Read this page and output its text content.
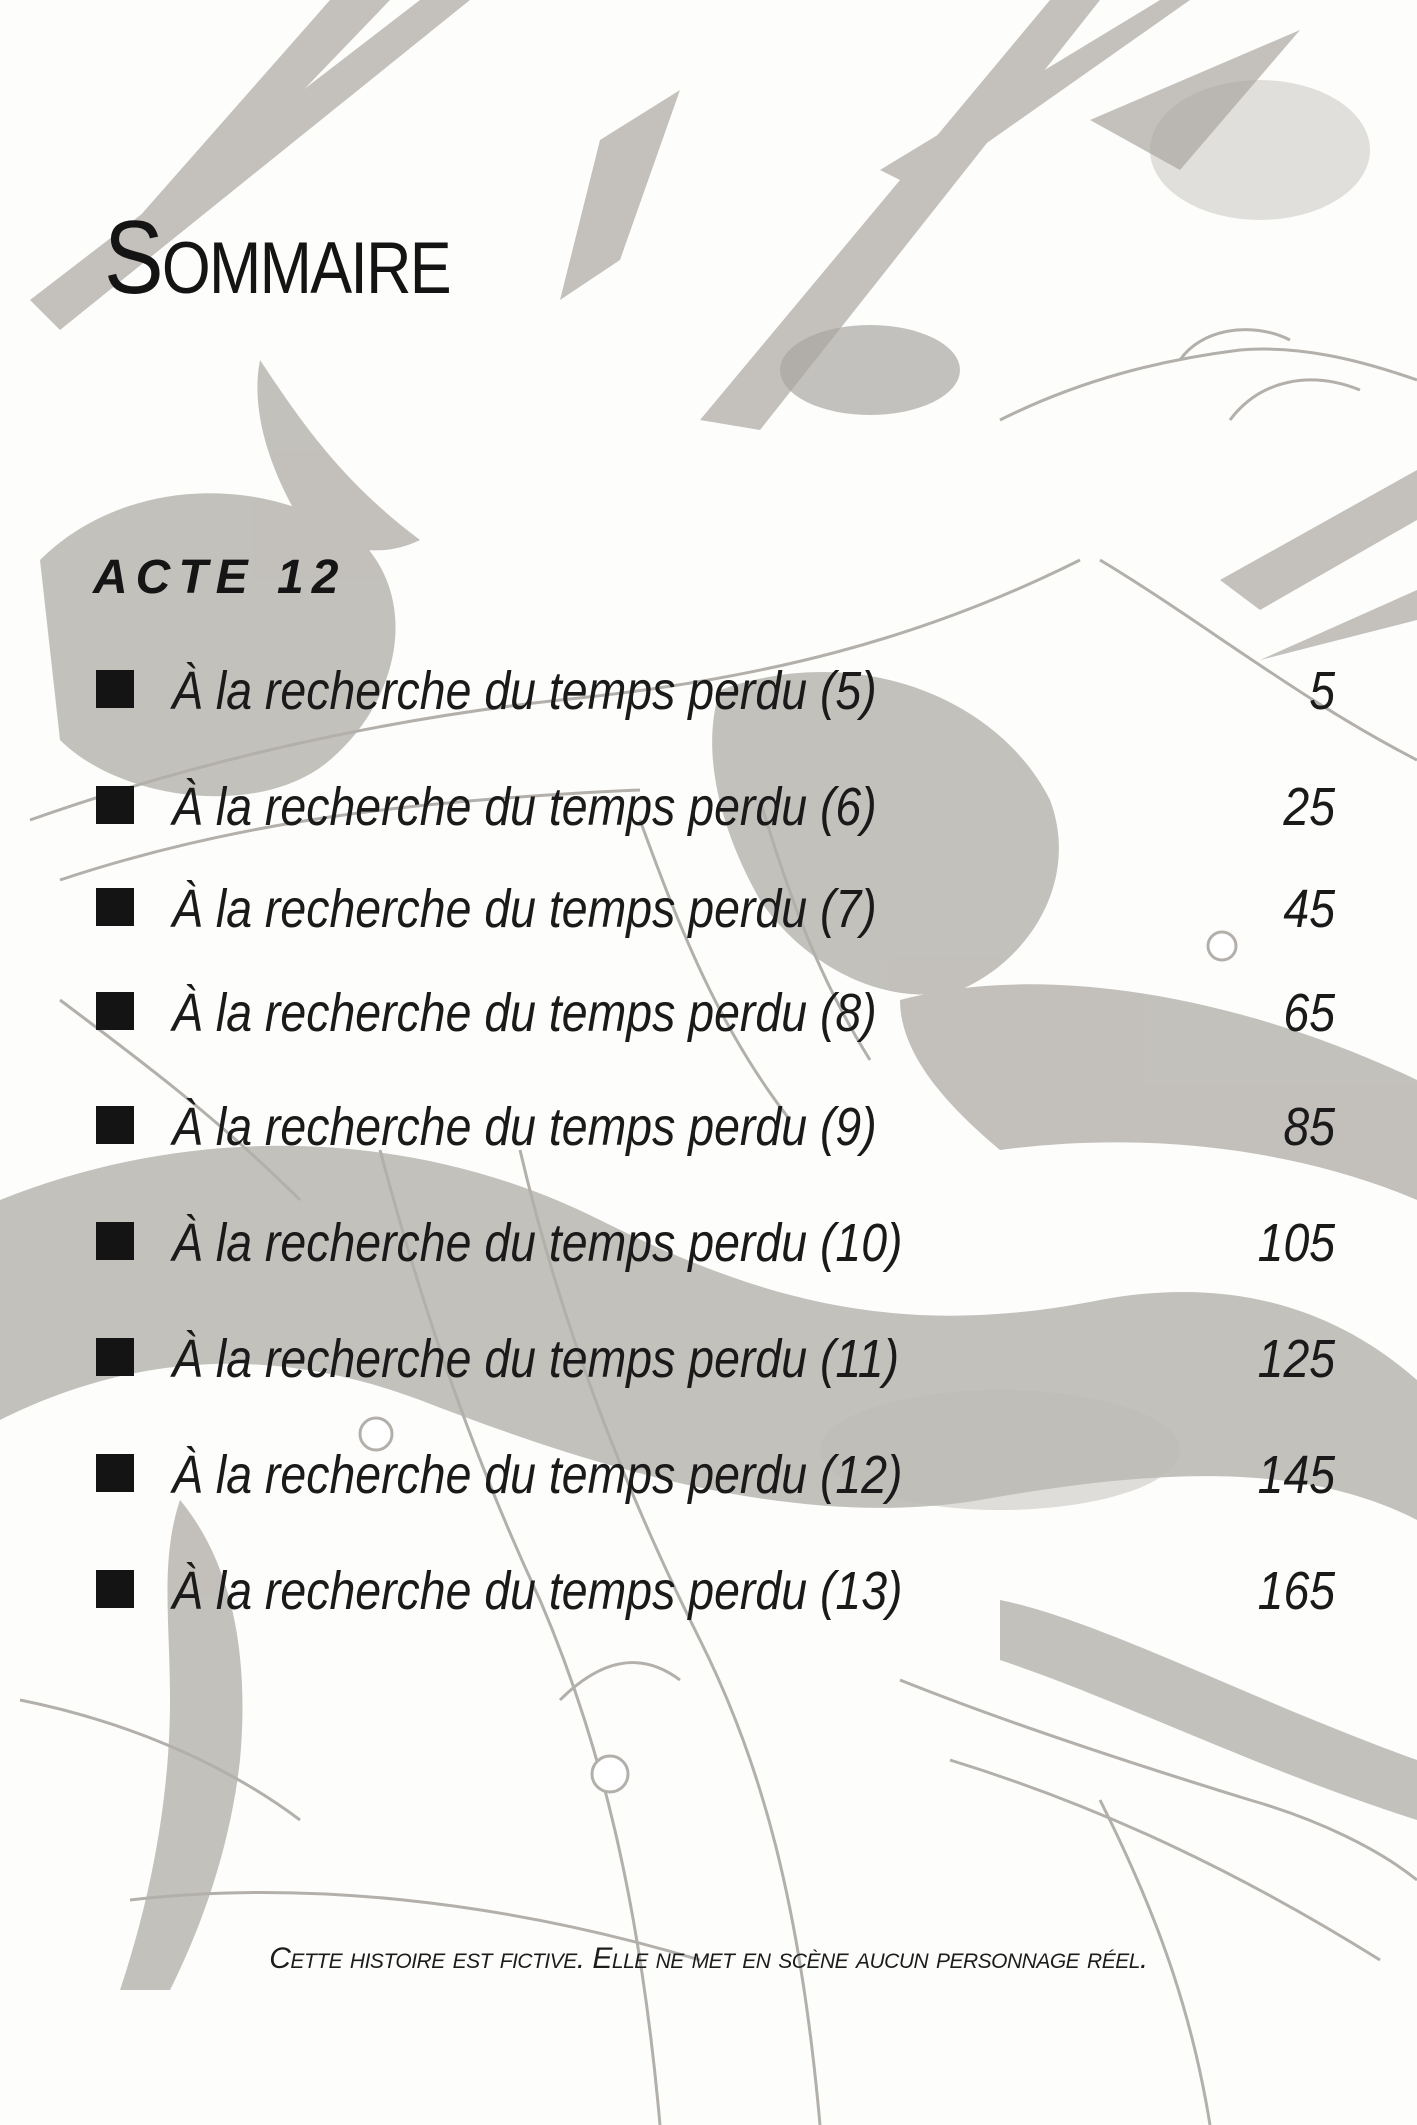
Sommaire
ACTE 12
À la recherche du temps perdu (5)	5
À la recherche du temps perdu (6)	25
À la recherche du temps perdu (7)	45
À la recherche du temps perdu (8)	65
À la recherche du temps perdu (9)	85
À la recherche du temps perdu (10)	105
À la recherche du temps perdu (11)	125
À la recherche du temps perdu (12)	145
À la recherche du temps perdu (13)	165
Cette histoire est fictive. Elle ne met en scène aucun personnage réel.
